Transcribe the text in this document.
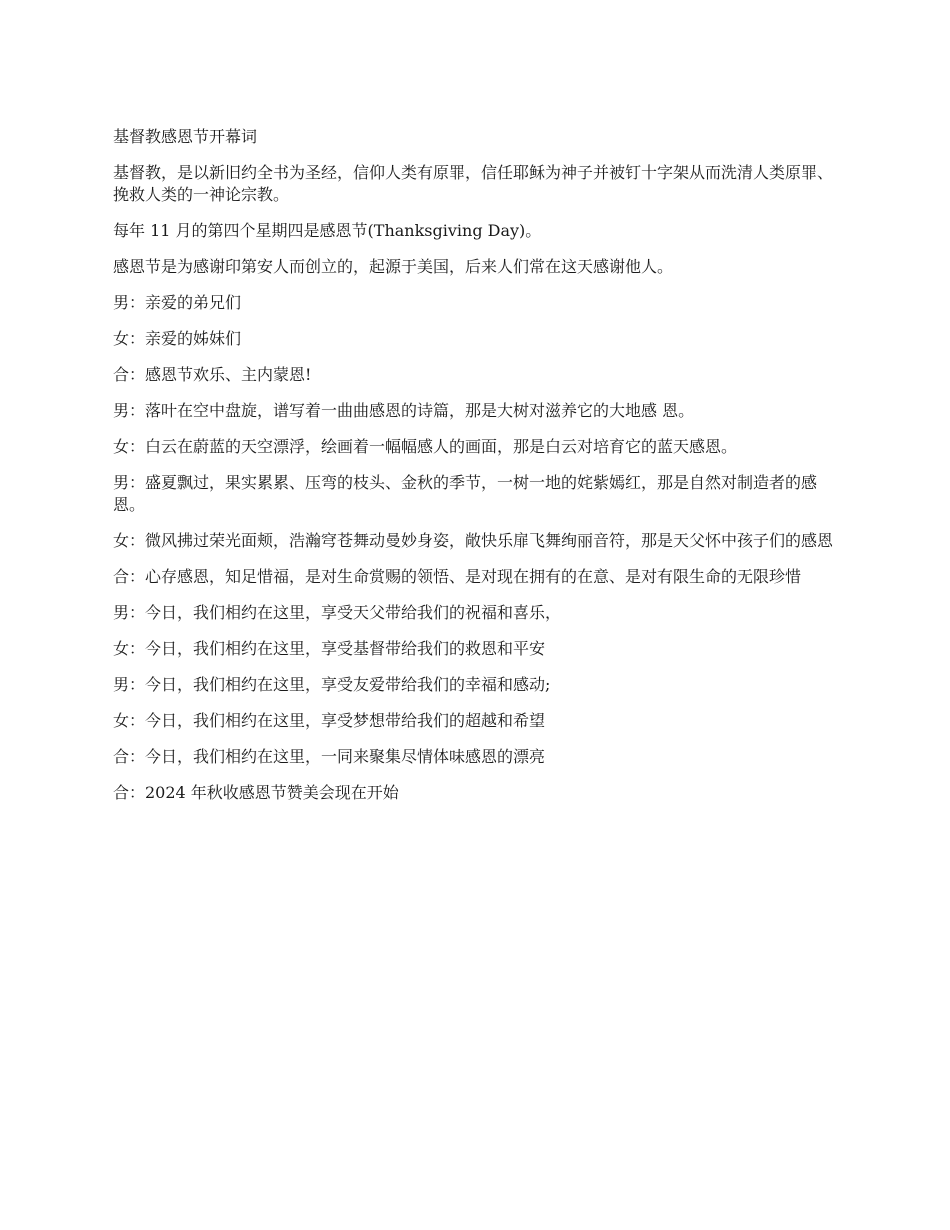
基督教感恩节开幕词

基督教，是以新旧约全书为圣经，信仰人类有原罪，信任耶稣为神子并被钉十字架从而洗清人类原罪、挽救人类的一神论宗教。

每年 11 月的第四个星期四是感恩节(Thanksgiving Day)。

感恩节是为感谢印第安人而创立的，起源于美国，后来人们常在这天感谢他人。

男：亲爱的弟兄们

女：亲爱的姊妹们

合：感恩节欢乐、主内蒙恩!

男：落叶在空中盘旋，谱写着一曲曲感恩的诗篇，那是大树对滋养它的大地感 恩。

女：白云在蔚蓝的天空漂浮，绘画着一幅幅感人的画面，那是白云对培育它的蓝天感恩。

男：盛夏飘过，果实累累、压弯的枝头、金秋的季节，一树一地的姹紫嫣红，那是自然对制造者的感恩。

女：微风拂过荣光面颊，浩瀚穹苍舞动曼妙身姿，敞快乐扉飞舞绚丽音符，那是天父怀中孩子们的感恩

合：心存感恩，知足惜福，是对生命赏赐的领悟、是对现在拥有的在意、是对有限生命的无限珍惜

男：今日，我们相约在这里，享受天父带给我们的祝福和喜乐，

女：今日，我们相约在这里，享受基督带给我们的救恩和平安

男：今日，我们相约在这里，享受友爱带给我们的幸福和感动;

女：今日，我们相约在这里，享受梦想带给我们的超越和希望

合：今日，我们相约在这里，一同来聚集尽情体味感恩的漂亮

合：2024 年秋收感恩节赞美会现在开始
